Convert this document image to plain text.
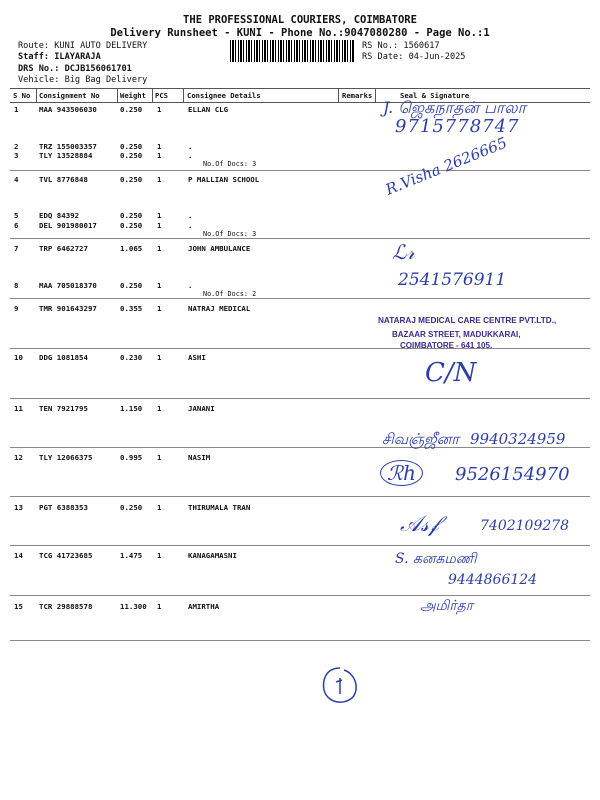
THE PROFESSIONAL COURIERS, COIMBATORE
Delivery Runsheet - KUNI - Phone No.:9047080280 - Page No.:1
Route: KUNI AUTO DELIVERY
Staff: ILAYARAJA
DRS No.: DCJB156061701
Vehicle: Big Bag Delivery
RS No.: 1560617
RS Date: 04-Jun-2025
S No Consignment No	Weight PCS	Consignee Details	Remarks	Seal & Signature
1	MAA 943506030	0.250 1	ELLAN CLG
2	TRZ 155003357	0.250 1	.
3	TLY 13528884	0.250 1	.
No.Of Docs: 3
4	TVL 8776848	0.250 1	P MALLIAN SCHOOL
5	EDQ 84392	0.250 1	.
6	DEL 901980017	0.250 1	.
No.Of Docs: 3
7	TRP 6462727	1.065 1	JOHN AMBULANCE
8	MAA 705018370	0.250 1	.
No.Of Docs: 2
9	TMR 901643297	0.355 1	NATRAJ MEDICAL
10 DDG 1081854	0.230 1	ASHI
11 TEN 7921795	1.150 1	JANANI
12 TLY 12066375	0.995 1	NASIM
13 PGT 6388353	0.250 1	THIRUMALA TRAN
14 TCG 41723685	1.475 1	KANAGAMASNI
15 TCR 29888578	11.300 1	AMIRTHA
J. ஜெகநாதன் பாலா
9715778747
R.Visha 2626665
ℒ𝓇
2541576911
NATARAJ MEDICAL CARE CENTRE PVT.LTD.,
BAZAAR STREET, MADUKKARAI,
COIMBATORE - 641 105.
C/N
சிவஞ்ஜீனா 9940324959
ℛℎ	9526154970
𝒜𝓈𝒻	7402109278
S. கனகமணி
9444866124
அமிர்தா
